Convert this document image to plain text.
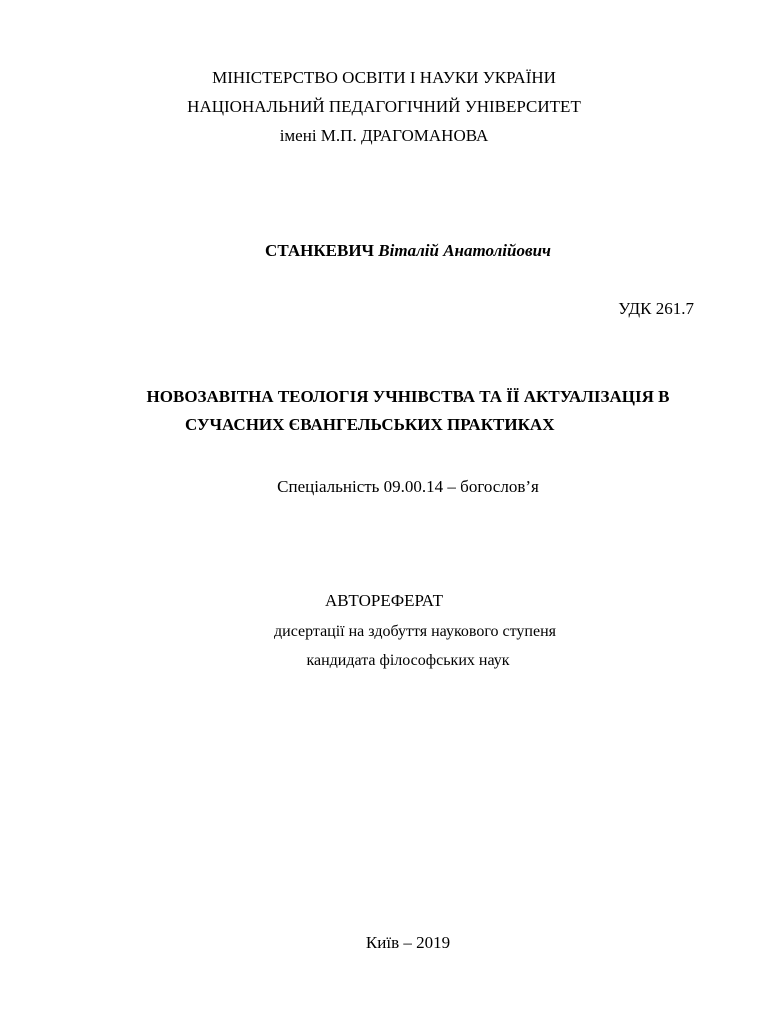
МІНІСТЕРСТВО ОСВІТИ І НАУКИ УКРАЇНИ
НАЦІОНАЛЬНИЙ ПЕДАГОГІЧНИЙ УНІВЕРСИТЕТ
імені М.П. ДРАГОМАНОВА
СТАНКЕВИЧ Віталій Анатолійович
УДК 261.7
НОВОЗАВІТНА ТЕОЛОГІЯ УЧНІВСТВА ТА ЇЇ АКТУАЛІЗАЦІЯ В
СУЧАСНИХ ЄВАНГЕЛЬСЬКИХ ПРАКТИКАХ
Спеціальність 09.00.14 – богослов’я
АВТОРЕФЕРАТ
дисертації на здобуття наукового ступеня
кандидата філософських наук
Київ – 2019
